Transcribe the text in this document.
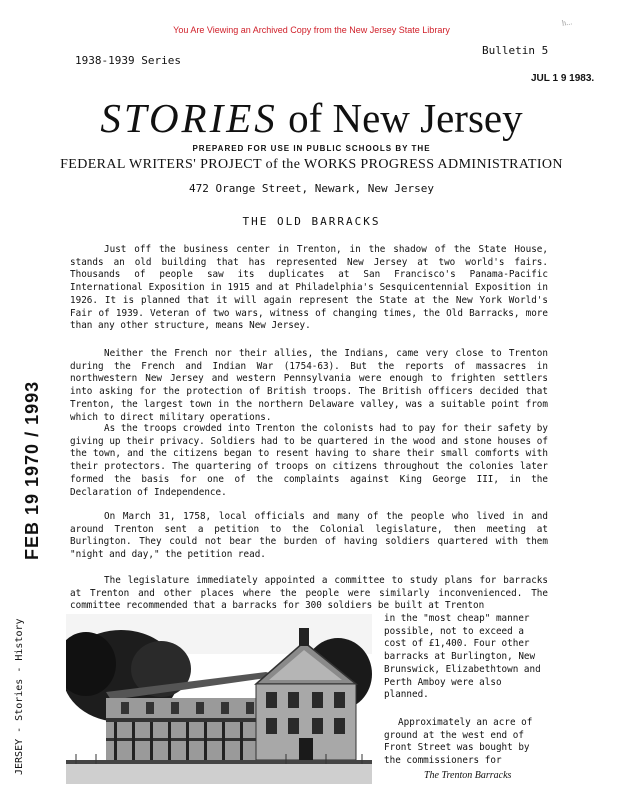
You Are Viewing an Archived Copy from the New Jersey State Library
h...
1938-1939 Series
Bulletin 5
JUL 1 9 1983.
STORIES of New Jersey
PREPARED FOR USE IN PUBLIC SCHOOLS BY THE
FEDERAL WRITERS' PROJECT of the WORKS PROGRESS ADMINISTRATION
472 Orange Street, Newark, New Jersey
THE OLD BARRACKS

Just off the business center in Trenton, in the shadow of the State House, stands an old building that has represented New Jersey at two world's fairs. Thousands of people saw its duplicates at San Francisco's Panama-Pacific International Exposition in 1915 and at Philadelphia's Sesquicentennial Exposition in 1926. It is planned that it will again represent the State at the New York World's Fair of 1939. Veteran of two wars, witness of changing times, the Old Barracks, more than any other structure, means New Jersey.

Neither the French nor their allies, the Indians, came very close to Trenton during the French and Indian War (1754-63). But the reports of massacres in northwestern New Jersey and western Pennsylvania were enough to frighten settlers into asking for the protection of British troops. The British officers decided that Trenton, the largest town in the northern Delaware valley, was a suitable point from which to direct military operations.

As the troops crowded into Trenton the colonists had to pay for their safety by giving up their privacy. Soldiers had to be quartered in the wood and stone houses of the town, and the citizens began to resent having to share their small comforts with their protectors. The quartering of troops on citizens throughout the colonies later formed the basis for one of the complaints against King George III, in the Declaration of Independence.

On March 31, 1758, local officials and many of the people who lived in and around Trenton sent a petition to the Colonial legislature, then meeting at Burlington. They could not bear the burden of having soldiers quartered with them "night and day," the petition read.

The legislature immediately appointed a committee to study plans for barracks at Trenton and other places where the people were similarly inconvenienced. The committee recommended that a barracks for 300 soldiers be built at Trenton

in the "most cheap" manner possible, not to exceed a cost of £1,400. Four other barracks at Burlington, New Brunswick, Elizabethtown and Perth Amboy were also planned.

Approximately an acre of ground at the west end of Front Street was bought by the commissioners for

The Trenton Barracks
FEB 19 1970 / 1993
JERSEY - Stories - History
